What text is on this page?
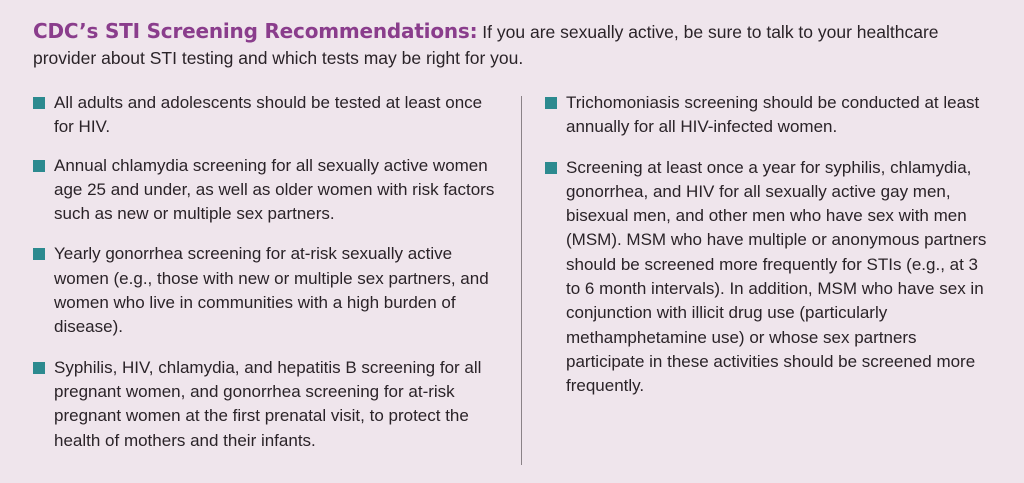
CDC’s STI Screening Recommendations: If you are sexually active, be sure to talk to your healthcare provider about STI testing and which tests may be right for you.

All adults and adolescents should be tested at least once for HIV.
Annual chlamydia screening for all sexually active women age 25 and under, as well as older women with risk factors such as new or multiple sex partners.
Yearly gonorrhea screening for at-risk sexually active women (e.g., those with new or multiple sex partners, and women who live in communities with a high burden of disease).
Syphilis, HIV, chlamydia, and hepatitis B screening for all pregnant women, and gonorrhea screening for at-risk pregnant women at the first prenatal visit, to protect the health of mothers and their infants.
Trichomoniasis screening should be conducted at least annually for all HIV-infected women.
Screening at least once a year for syphilis, chlamydia, gonorrhea, and HIV for all sexually active gay men, bisexual men, and other men who have sex with men (MSM). MSM who have multiple or anonymous partners should be screened more frequently for STIs (e.g., at 3 to 6 month intervals). In addition, MSM who have sex in conjunction with illicit drug use (particularly methamphetamine use) or whose sex partners participate in these activities should be screened more frequently.
